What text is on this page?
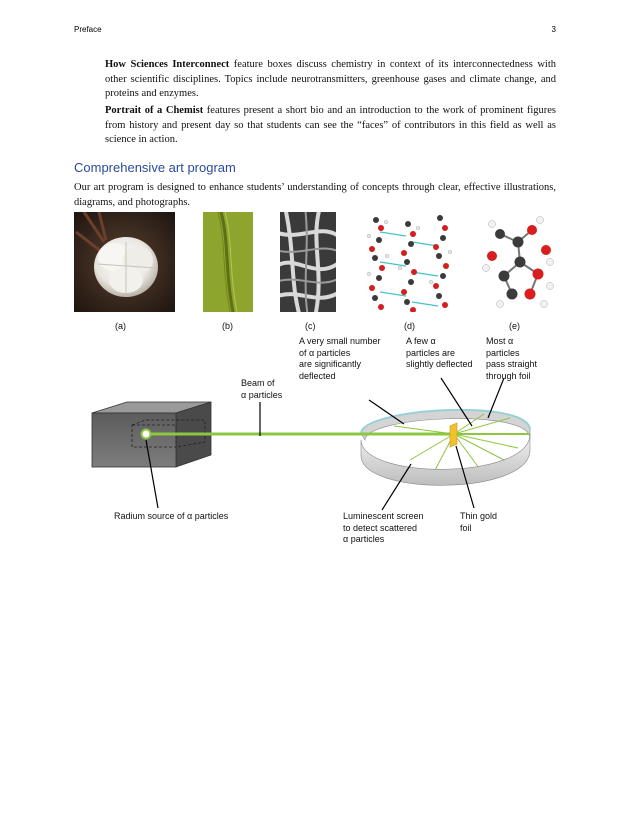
Preface	3

How Sciences Interconnect feature boxes discuss chemistry in context of its interconnectedness with other scientific disciplines. Topics include neurotransmitters, greenhouse gases and climate change, and proteins and enzymes.

Portrait of a Chemist features present a short bio and an introduction to the work of prominent figures from history and present day so that students can see the “faces” of contributors in this field as well as science in action.

Comprehensive art program

Our art program is designed to enhance students’ understanding of concepts through clear, effective illustrations, diagrams, and photographs.

(a)	(b)	(c)	(d)	(e)
Beam of
α particles
A very small number
of α particles
are significantly
deflected
A few α
particles are
slightly deflected
Most α particles
pass straight
through foil
Radium source of α particles	Luminescent screen
to detect scattered
α particles
Thin gold
foil
